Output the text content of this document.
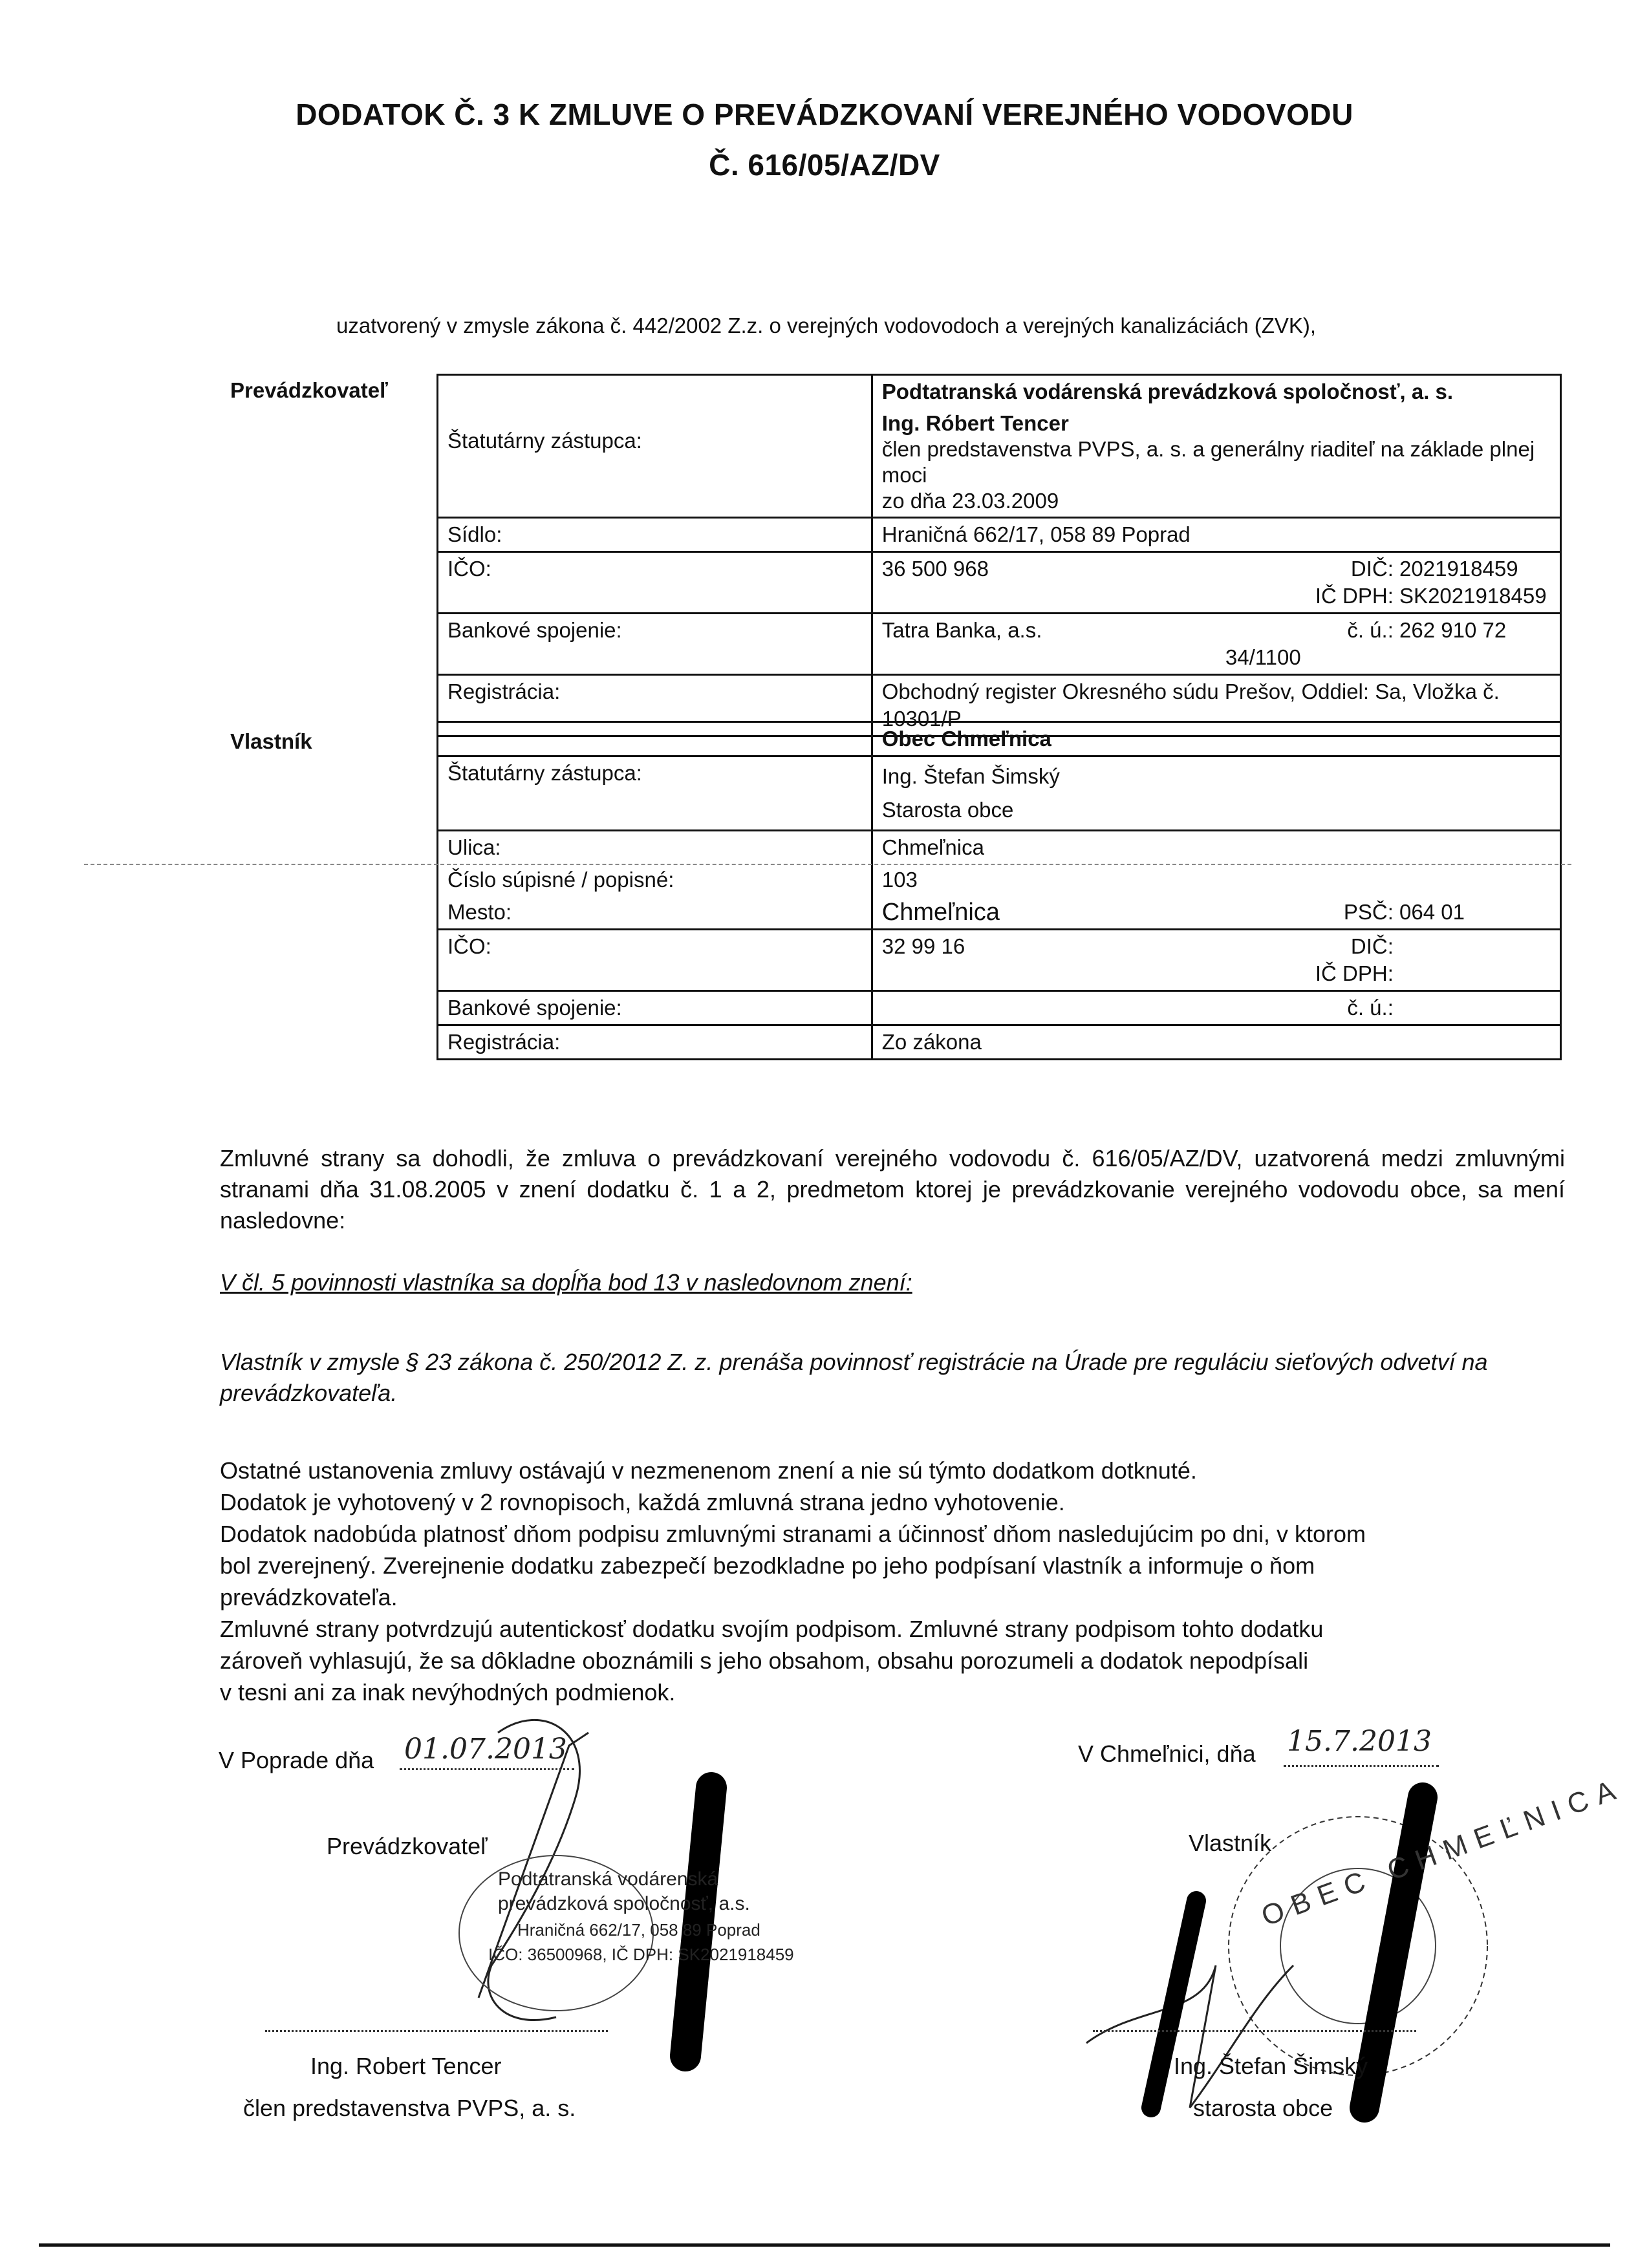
DODATOK Č. 3 K ZMLUVE O PREVÁDZKOVANÍ VEREJNÉHO VODOVODU
Č. 616/05/AZ/DV
uzatvorený v zmysle zákona č. 442/2002 Z.z. o verejných vodovodoch a verejných kanalizáciách (ZVK),
Prevádzkovateľ
		Podtatranská vodárenská prevádzková spoločnosť, a. s.	
Štatutárny zástupca:	Ing. Róbert Tencer
člen predstavenstva PVPS, a. s. a generálny riaditeľ na základe plnej moci
zo dňa 23.03.2009	

Sídlo:	Hraničná 662/17, 058 89 Poprad	
IČO:	36 500 968	DIČ: 2021918459
IČ DPH: SK2021918459

Bankové spojenie:	Tatra Banka, a.s.	č. ú.: 262 910 72 34/1100
Registrácia:	Obchodný register Okresného súdu Prešov, Oddiel: Sa, Vložka č. 10301/P	
Vlastník
		Obec Chmeľnica	
Štatutárny zástupca:	Ing. Štefan Šimský
Starosta obce	

Ulica:	Chmeľnica	
Číslo súpisné / popisné:	103	
Mesto:	Chmeľnica	PSČ: 064 01
IČO:	32 99 16	DIČ:
IČ DPH:

Bankové spojenie:		č. ú.:
Registrácia:	Zo zákona	
Zmluvné strany sa dohodli, že zmluva o prevádzkovaní verejného vodovodu č. 616/05/AZ/DV, uzatvorená medzi zmluvnými stranami dňa 31.08.2005 v znení dodatku č. 1 a 2, predmetom ktorej je prevádzkovanie verejného vodovodu obce, sa mení nasledovne:
V čl. 5 povinnosti vlastníka sa dopĺňa bod 13 v nasledovnom znení:
Vlastník v zmysle § 23 zákona č. 250/2012 Z. z. prenáša povinnosť registrácie na Úrade pre reguláciu sieťových odvetví na prevádzkovateľa.
Ostatné ustanovenia zmluvy ostávajú v nezmenenom znení a nie sú týmto dodatkom dotknuté.
Dodatok je vyhotovený v 2 rovnopisoch, každá zmluvná strana jedno vyhotovenie.
Dodatok nadobúda platnosť dňom podpisu zmluvnými stranami a účinnosť dňom nasledujúcim po dni, v ktorom
bol zverejnený. Zverejnenie dodatku zabezpečí bezodkladne po jeho podpísaní vlastník a informuje o ňom
prevádzkovateľa.
Zmluvné strany potvrdzujú autentickosť dodatku svojím podpisom. Zmluvné strany podpisom tohto dodatku
zároveň vyhlasujú, že sa dôkladne oboznámili s jeho obsahom, obsahu porozumeli a dodatok nepodpísali
v tesni ani za inak nevýhodných podmienok.
V Poprade dňa 01.07.2013
Prevádzkovateľ
Podtatranská vodárenská
prevádzková spoločnosť, a.s.
Hraničná 662/17, 058 89 Poprad
IČO: 36500968, IČ DPH: SK2021918459
Ing. Robert Tencer
člen predstavenstva PVPS, a. s.
V Chmeľnici, dňa 15.7.2013
Vlastník
OBEC CHMEĽNICA
Ing. Štefan Šimský
starosta obce
